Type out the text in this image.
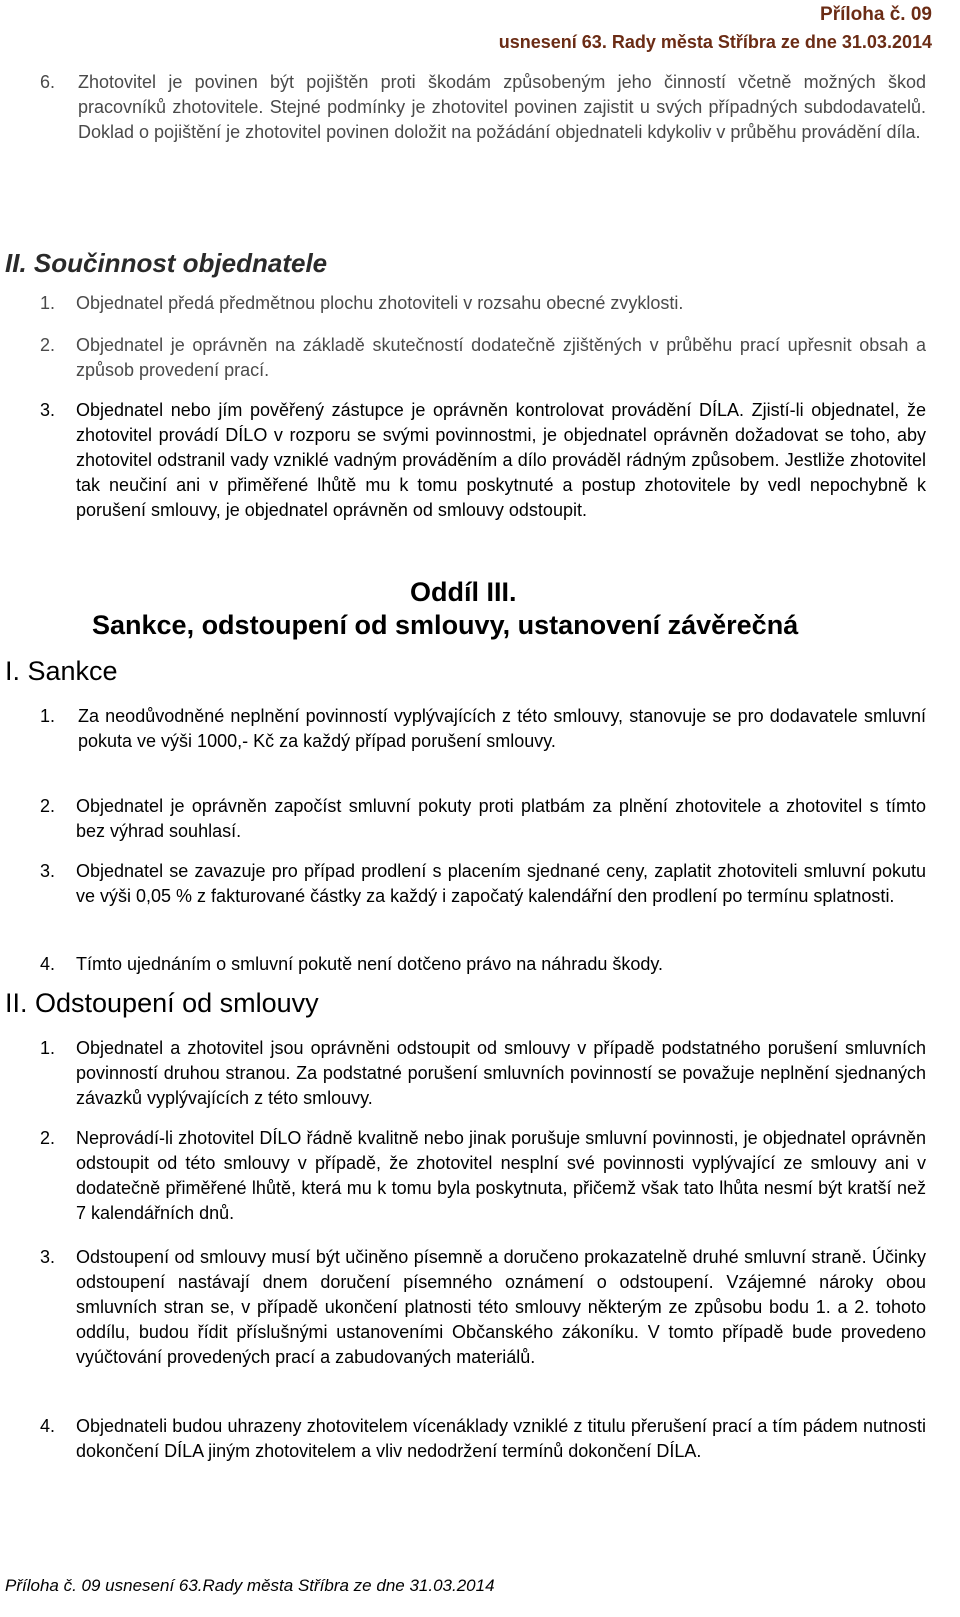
Příloha č. 09
usnesení 63. Rady města Stříbra ze dne 31.03.2014
6. Zhotovitel je povinen být pojištěn proti škodám způsobeným jeho činností včetně možných škod pracovníků zhotovitele. Stejné podmínky je zhotovitel povinen zajistit u svých případných subdodavatelů. Doklad o pojištění je zhotovitel povinen doložit na požádání objednateli kdykoliv v průběhu provádění díla.
II. Součinnost objednatele
1. Objednatel předá předmětnou plochu zhotoviteli v rozsahu obecné zvyklosti.
2. Objednatel je oprávněn na základě skutečností dodatečně zjištěných v průběhu prací upřesnit obsah a způsob provedení prací.
3. Objednatel nebo jím pověřený zástupce je oprávněn kontrolovat provádění DÍLA. Zjistí-li objednatel, že zhotovitel provádí DÍLO v rozporu se svými povinnostmi, je objednatel oprávněn dožadovat se toho, aby zhotovitel odstranil vady vzniklé vadným prováděním a dílo prováděl rádným způsobem. Jestliže zhotovitel tak neučiní ani v přiměřené lhůtě mu k tomu poskytnuté a postup zhotovitele by vedl nepochybně k porušení smlouvy, je objednatel oprávněn od smlouvy odstoupit.
Oddíl III.
Sankce, odstoupení od smlouvy, ustanovení závěrečná
I. Sankce
1. Za neodůvodněné neplnění povinností vyplývajících z této smlouvy, stanovuje se pro dodavatele smluvní pokuta ve výši 1000,- Kč za každý případ porušení smlouvy.
2. Objednatel je oprávněn započíst smluvní pokuty proti platbám za plnění zhotovitele a zhotovitel s tímto bez výhrad souhlasí.
3. Objednatel se zavazuje pro případ prodlení s placením sjednané ceny, zaplatit zhotoviteli smluvní pokutu ve výši 0,05 % z fakturované částky za každý i započatý kalendářní den prodlení po termínu splatnosti.
4. Tímto ujednáním o smluvní pokutě není dotčeno právo na náhradu škody.
II. Odstoupení od smlouvy
1. Objednatel a zhotovitel jsou oprávněni odstoupit od smlouvy v případě podstatného porušení smluvních povinností druhou stranou. Za podstatné porušení smluvních povinností se považuje neplnění sjednaných závazků vyplývajících z této smlouvy.
2. Neprovádí-li zhotovitel DÍLO řádně kvalitně nebo jinak porušuje smluvní povinnosti, je objednatel oprávněn odstoupit od této smlouvy v případě, že zhotovitel nesplní své povinnosti vyplývající ze smlouvy ani v dodatečně přiměřené lhůtě, která mu k tomu byla poskytnuta, přičemž však tato lhůta nesmí být kratší než 7 kalendářních dnů.
3. Odstoupení od smlouvy musí být učiněno písemně a doručeno prokazatelně druhé smluvní straně. Účinky odstoupení nastávají dnem doručení písemného oznámení o odstoupení. Vzájemné nároky obou smluvních stran se, v případě ukončení platnosti této smlouvy některým ze způsobu bodu 1. a 2. tohoto oddílu, budou řídit příslušnými ustanoveními Občanského zákoníku. V tomto případě bude provedeno vyúčtování provedených prací a zabudovaných materiálů.
4. Objednateli budou uhrazeny zhotovitelem vícenáklady vzniklé z titulu přerušení prací a tím pádem nutnosti dokončení DÍLA jiným zhotovitelem a vliv nedodržení termínů dokončení DÍLA.
Příloha č. 09 usnesení 63.Rady města Stříbra ze dne 31.03.2014
